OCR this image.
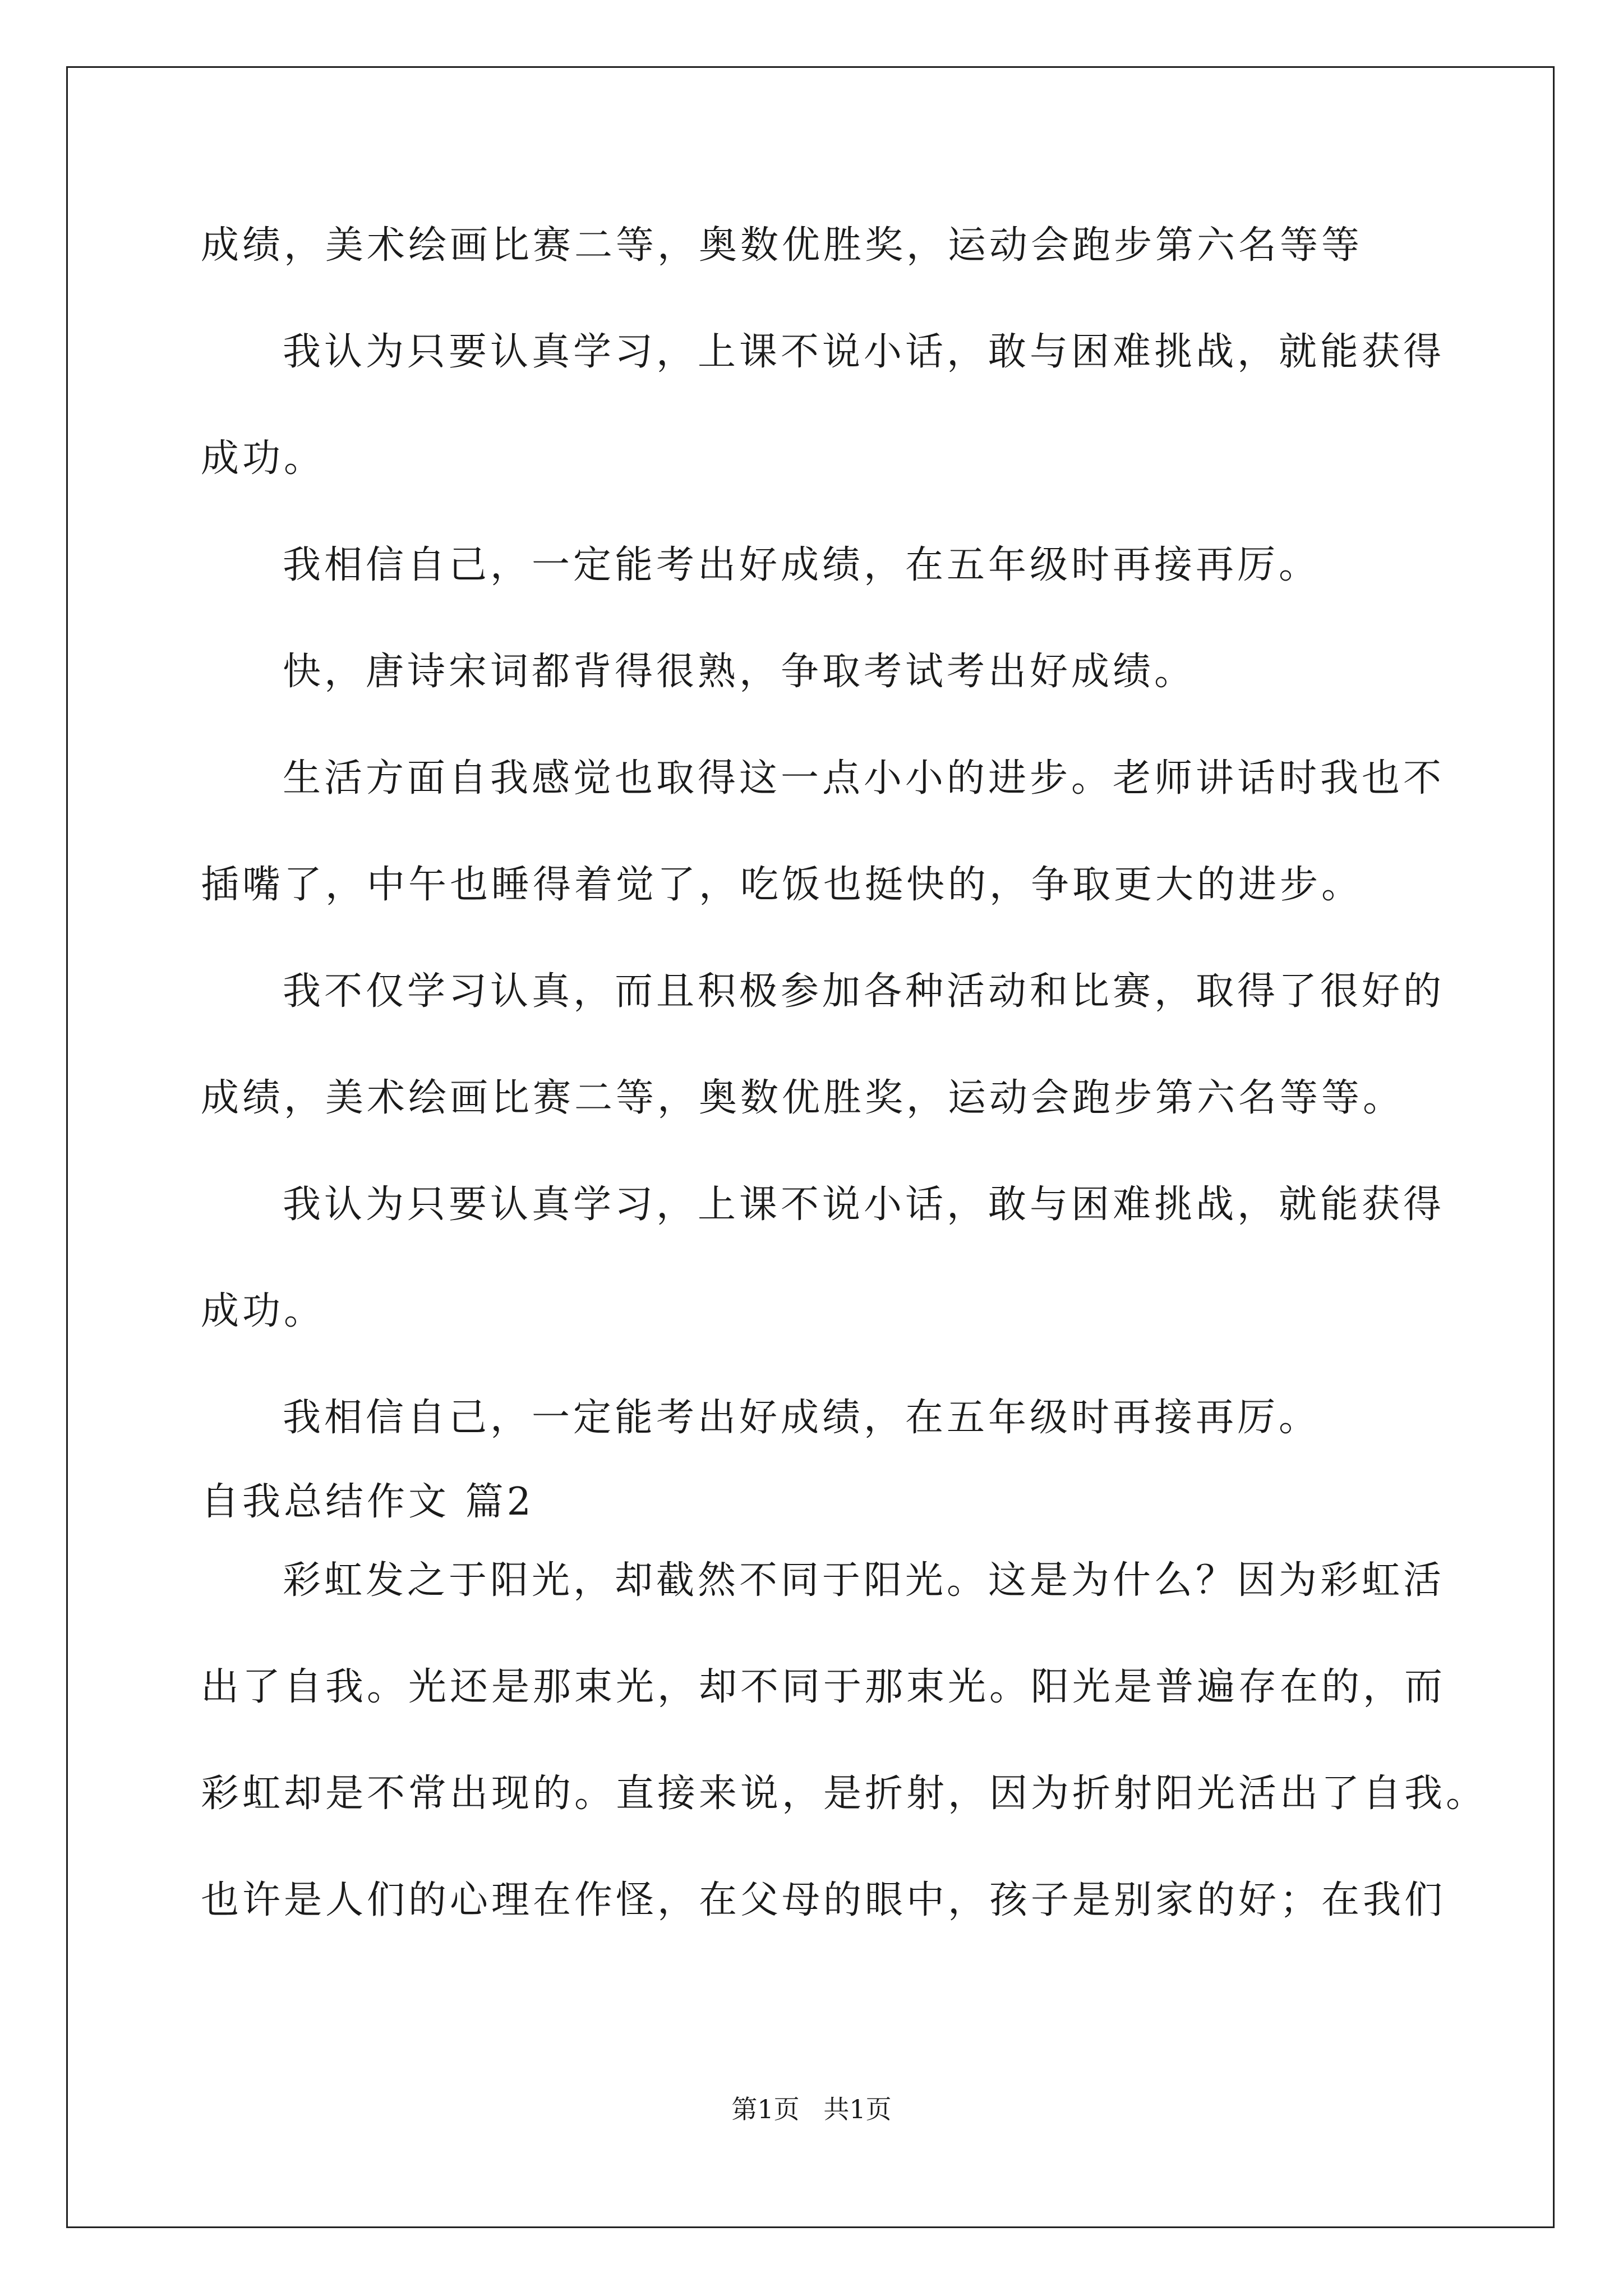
成绩，美术绘画比赛二等，奥数优胜奖，运动会跑步第六名等等
我认为只要认真学习，上课不说小话，敢与困难挑战，就能获得
成功。
我相信自己，一定能考出好成绩，在五年级时再接再厉。
快，唐诗宋词都背得很熟，争取考试考出好成绩。
生活方面自我感觉也取得这一点小小的进步。老师讲话时我也不
插嘴了，中午也睡得着觉了，吃饭也挺快的，争取更大的进步。
我不仅学习认真，而且积极参加各种活动和比赛，取得了很好的
成绩，美术绘画比赛二等，奥数优胜奖，运动会跑步第六名等等。
我认为只要认真学习，上课不说小话，敢与困难挑战，就能获得
成功。
我相信自己，一定能考出好成绩，在五年级时再接再厉。
自我总结作文 篇2
彩虹发之于阳光，却截然不同于阳光。这是为什么？因为彩虹活
出了自我。光还是那束光，却不同于那束光。阳光是普遍存在的，而
彩虹却是不常出现的。直接来说，是折射，因为折射阳光活出了自我。
也许是人们的心理在作怪，在父母的眼中，孩子是别家的好；在我们
第1页 共1页
